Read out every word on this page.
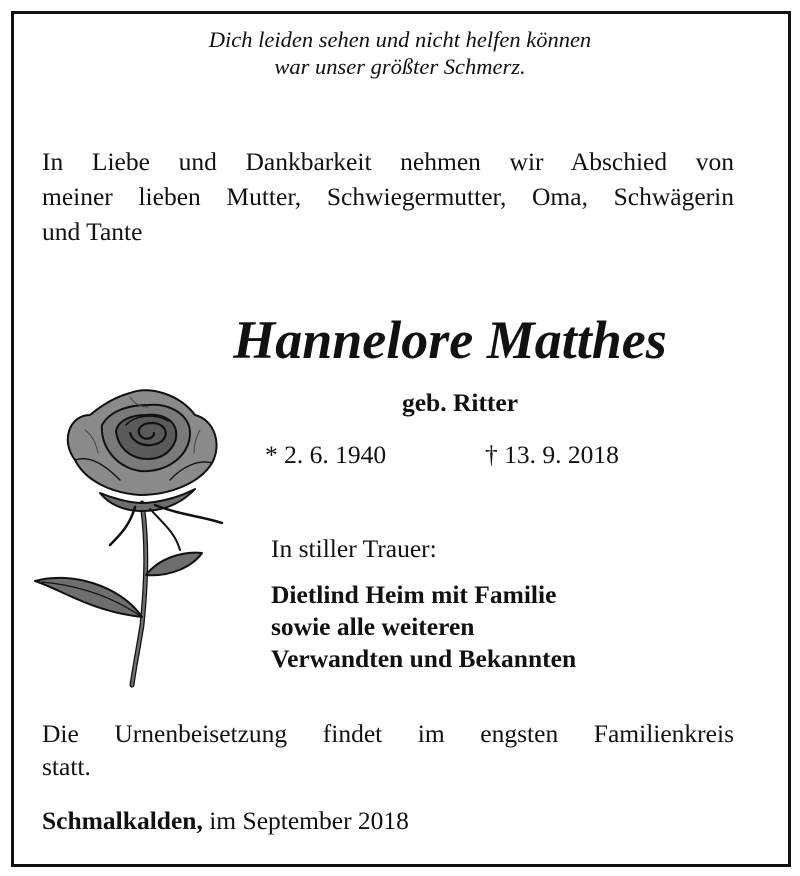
Dich leiden sehen und nicht helfen können
war unser größter Schmerz.
In Liebe und Dankbarkeit nehmen wir Abschied von
meiner lieben Mutter, Schwiegermutter, Oma, Schwägerin
und Tante
Hannelore Matthes
geb. Ritter
* 2. 6. 1940	† 13. 9. 2018
In stiller Trauer:
Dietlind Heim mit Familie
sowie alle weiteren
Verwandten und Bekannten
Die Urnenbeisetzung findet im engsten Familienkreis
statt.
Schmalkalden, im September 2018
